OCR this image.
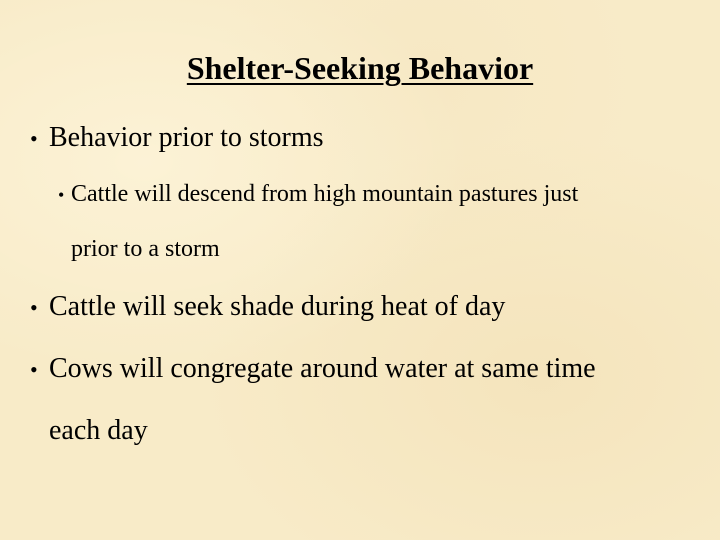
Shelter-Seeking Behavior
• Behavior prior to storms
• Cattle will descend from high mountain pastures just
prior to a storm
• Cattle will seek shade during heat of day
• Cows will congregate around water at same time
each day
